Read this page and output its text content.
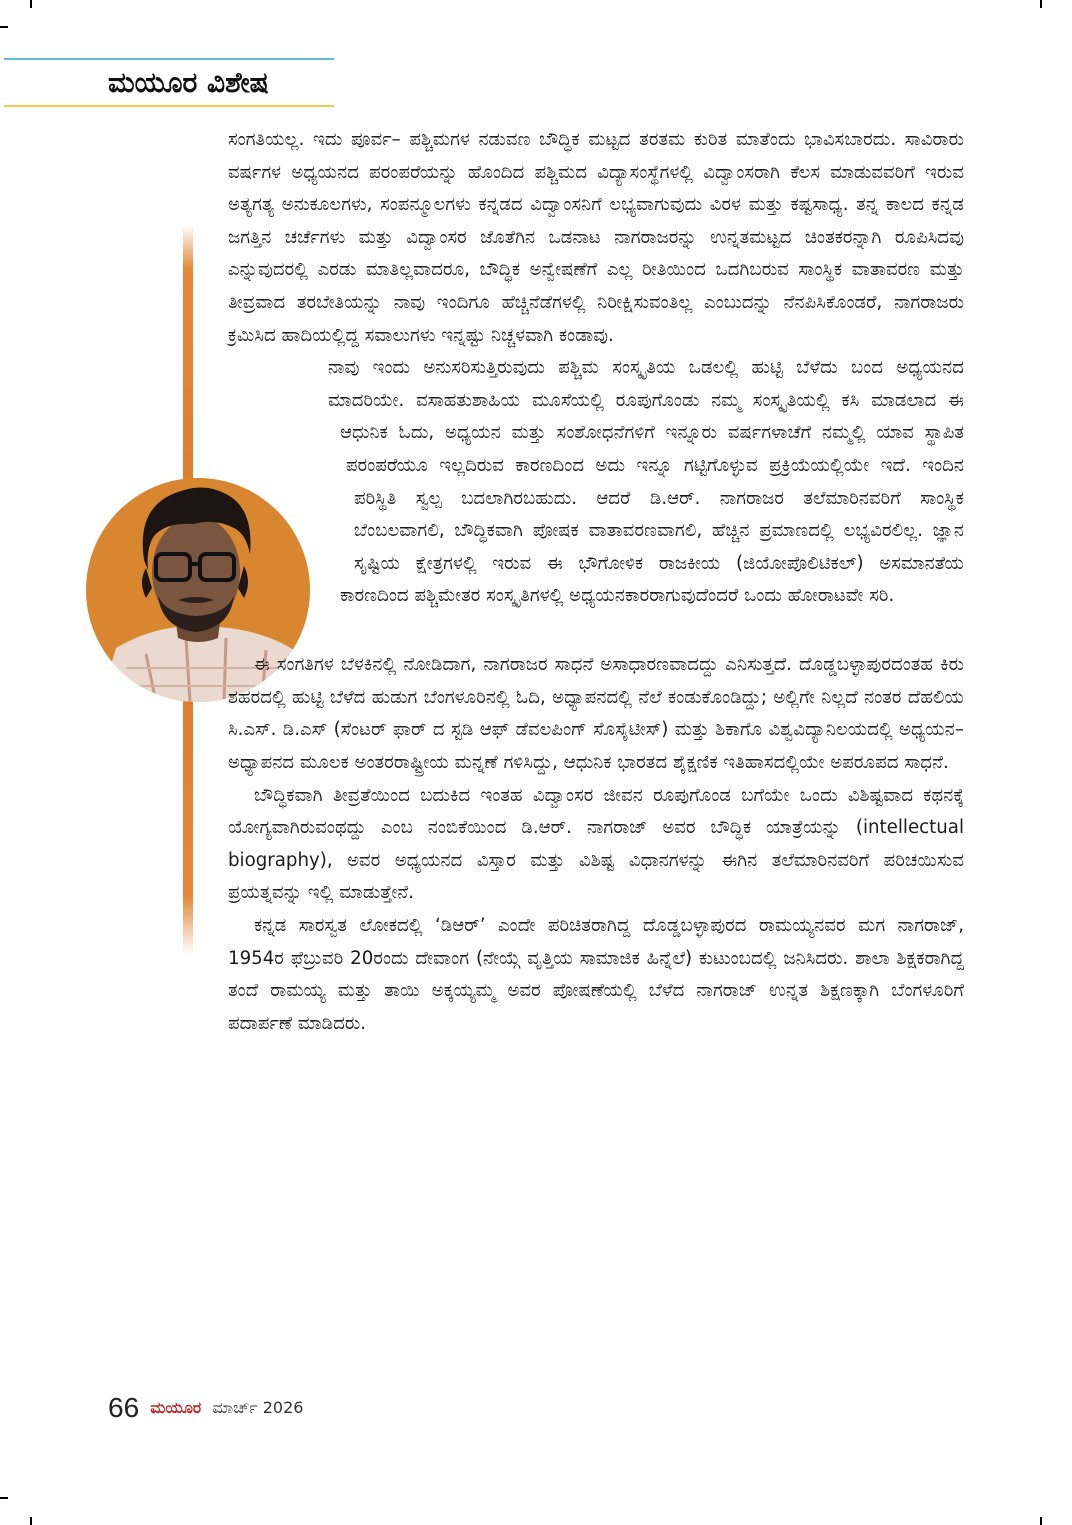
ಮಯೂರ ವಿಶೇಷ

ಸಂಗತಿಯಲ್ಲ. ಇದು ಪೂರ್ವ– ಪಶ್ಚಿಮಗಳ ನಡುವಣ ಬೌದ್ಧಿಕ ಮಟ್ಟದ ತರತಮ ಕುರಿತ ಮಾತೆಂದು ಭಾವಿಸಬಾರದು. ಸಾವಿರಾರು ವರ್ಷಗಳ ಅಧ್ಯಯನದ ಪರಂಪರೆಯನ್ನು ಹೊಂದಿದ ಪಶ್ಚಿಮದ ವಿದ್ಯಾಸಂಸ್ಥೆಗಳಲ್ಲಿ ವಿದ್ವಾಂಸರಾಗಿ ಕೆಲಸ ಮಾಡುವವರಿಗೆ ಇರುವ ಅತ್ಯಗತ್ಯ ಅನುಕೂಲಗಳು, ಸಂಪನ್ಮೂಲಗಳು ಕನ್ನಡದ ವಿದ್ವಾಂಸನಿಗೆ ಲಭ್ಯವಾಗುವುದು ವಿರಳ ಮತ್ತು ಕಷ್ಟಸಾಧ್ಯ. ತನ್ನ ಕಾಲದ ಕನ್ನಡ ಜಗತ್ತಿನ ಚರ್ಚೆಗಳು ಮತ್ತು ವಿದ್ವಾಂಸರ ಜೊತೆಗಿನ ಒಡನಾಟ ನಾಗರಾಜರನ್ನು ಉನ್ನತಮಟ್ಟದ ಚಿಂತಕರನ್ನಾಗಿ ರೂಪಿಸಿದವು ಎನ್ನುವುದರಲ್ಲಿ ಎರಡು ಮಾತಿಲ್ಲವಾದರೂ, ಬೌದ್ಧಿಕ ಅನ್ವೇಷಣೆಗೆ ಎಲ್ಲ ರೀತಿಯಿಂದ ಒದಗಿಬರುವ ಸಾಂಸ್ಥಿಕ ವಾತಾವರಣ ಮತ್ತು ತೀವ್ರವಾದ ತರಬೇತಿಯನ್ನು ನಾವು ಇಂದಿಗೂ ಹೆಚ್ಚಿನೆಡೆಗಳಲ್ಲಿ ನಿರೀಕ್ಷಿಸುವಂತಿಲ್ಲ ಎಂಬುದನ್ನು ನೆನಪಿಸಿಕೊಂಡರೆ, ನಾಗರಾಜರು ಕ್ರಮಿಸಿದ ಹಾದಿಯಲ್ಲಿದ್ದ ಸವಾಲುಗಳು ಇನ್ನಷ್ಟು ನಿಚ್ಚಳವಾಗಿ ಕಂಡಾವು.

ನಾವು ಇಂದು ಅನುಸರಿಸುತ್ತಿರುವುದು ಪಶ್ಚಿಮ ಸಂಸ್ಕೃತಿಯ ಒಡಲಲ್ಲಿ ಹುಟ್ಟಿ ಬೆಳೆದು ಬಂದ ಅಧ್ಯಯನದ ಮಾದರಿಯೇ. ವಸಾಹತುಶಾಹಿಯ ಮೂಸೆಯಲ್ಲಿ ರೂಪುಗೊಂಡು ನಮ್ಮ ಸಂಸ್ಕೃತಿಯಲ್ಲಿ ಕಸಿ ಮಾಡಲಾದ ಈ ಆಧುನಿಕ ಓದು, ಅಧ್ಯಯನ ಮತ್ತು ಸಂಶೋಧನೆಗಳಿಗೆ ಇನ್ನೂರು ವರ್ಷಗಳಾಚೆಗೆ ನಮ್ಮಲ್ಲಿ ಯಾವ ಸ್ಥಾಪಿತ ಪರಂಪರೆಯೂ ಇಲ್ಲದಿರುವ ಕಾರಣದಿಂದ ಅದು ಇನ್ನೂ ಗಟ್ಟಿಗೊಳ್ಳುವ ಪ್ರಕ್ರಿಯೆಯಲ್ಲಿಯೇ ಇದೆ. ಇಂದಿನ ಪರಿಸ್ಥಿತಿ ಸ್ವಲ್ಪ ಬದಲಾಗಿರಬಹುದು. ಆದರೆ ಡಿ.ಆರ್. ನಾಗರಾಜರ ತಲೆಮಾರಿನವರಿಗೆ ಸಾಂಸ್ಥಿಕ ಬೆಂಬಲವಾಗಲಿ, ಬೌದ್ಧಿಕವಾಗಿ ಪೋಷಕ ವಾತಾವರಣವಾಗಲಿ, ಹೆಚ್ಚಿನ ಪ್ರಮಾಣದಲ್ಲಿ ಲಭ್ಯವಿರಲಿಲ್ಲ. ಜ್ಞಾನ ಸೃಷ್ಟಿಯ ಕ್ಷೇತ್ರಗಳಲ್ಲಿ ಇರುವ ಈ ಭೌಗೋಳಿಕ ರಾಜಕೀಯ (ಜಿಯೋಪೊಲಿಟಿಕಲ್) ಅಸಮಾನತೆಯ ಕಾರಣದಿಂದ ಪಶ್ಚಿಮೇತರ ಸಂಸ್ಕೃತಿಗಳಲ್ಲಿ ಅಧ್ಯಯನಕಾರರಾಗುವುದೆಂದರೆ ಒಂದು ಹೋರಾಟವೇ ಸರಿ.

ಈ ಸಂಗತಿಗಳ ಬೆಳಕಿನಲ್ಲಿ ನೋಡಿದಾಗ, ನಾಗರಾಜರ ಸಾಧನೆ ಅಸಾಧಾರಣವಾದದ್ದು ಎನಿಸುತ್ತದೆ. ದೊಡ್ಡಬಳ್ಳಾಪುರದಂತಹ ಕಿರು ಶಹರದಲ್ಲಿ ಹುಟ್ಟಿ ಬೆಳೆದ ಹುಡುಗ ಬೆಂಗಳೂರಿನಲ್ಲಿ ಓದಿ, ಅಧ್ಯಾಪನದಲ್ಲಿ ನೆಲೆ ಕಂಡುಕೊಂಡಿದ್ದು; ಅಲ್ಲಿಗೇ ನಿಲ್ಲದೆ ನಂತರ ದೆಹಲಿಯ ಸಿ.ಎಸ್. ಡಿ.ಎಸ್ (ಸೆಂಟರ್ ಫಾರ್ ದ ಸ್ಟಡಿ ಆಫ್ ಡೆವಲಪಿಂಗ್ ಸೊಸೈಟೀಸ್) ಮತ್ತು ಶಿಕಾಗೊ ವಿಶ್ವವಿದ್ಯಾನಿಲಯದಲ್ಲಿ ಅಧ್ಯಯನ– ಅಧ್ಯಾಪನದ ಮೂಲಕ ಅಂತರರಾಷ್ಟ್ರೀಯ ಮನ್ನಣೆ ಗಳಿಸಿದ್ದು, ಆಧುನಿಕ ಭಾರತದ ಶೈಕ್ಷಣಿಕ ಇತಿಹಾಸದಲ್ಲಿಯೇ ಅಪರೂಪದ ಸಾಧನೆ.

ಬೌದ್ಧಿಕವಾಗಿ ತೀವ್ರತೆಯಿಂದ ಬದುಕಿದ ಇಂತಹ ವಿದ್ವಾಂಸರ ಜೀವನ ರೂಪುಗೊಂಡ ಬಗೆಯೇ ಒಂದು ವಿಶಿಷ್ಟವಾದ ಕಥನಕ್ಕೆ ಯೋಗ್ಯವಾಗಿರುವಂಥದ್ದು ಎಂಬ ನಂಬಿಕೆಯಿಂದ ಡಿ.ಆರ್. ನಾಗರಾಜ್ ಅವರ ಬೌದ್ಧಿಕ ಯಾತ್ರೆಯನ್ನು (intellectual biography), ಅವರ ಅಧ್ಯಯನದ ವಿಸ್ತಾರ ಮತ್ತು ವಿಶಿಷ್ಟ ವಿಧಾನಗಳನ್ನು ಈಗಿನ ತಲೆಮಾರಿನವರಿಗೆ ಪರಿಚಯಿಸುವ ಪ್ರಯತ್ನವನ್ನು ಇಲ್ಲಿ ಮಾಡುತ್ತೇನೆ.

ಕನ್ನಡ ಸಾರಸ್ವತ ಲೋಕದಲ್ಲಿ ‘ಡಿಆರ್’ ಎಂದೇ ಪರಿಚಿತರಾಗಿದ್ದ ದೊಡ್ಡಬಳ್ಳಾಪುರದ ರಾಮಯ್ಯನವರ ಮಗ ನಾಗರಾಜ್, 1954ರ ಫೆಬ್ರುವರಿ 20ರಂದು ದೇವಾಂಗ (ನೇಯ್ಗೆ ವೃತ್ತಿಯ ಸಾಮಾಜಿಕ ಹಿನ್ನೆಲೆ) ಕುಟುಂಬದಲ್ಲಿ ಜನಿಸಿದರು. ಶಾಲಾ ಶಿಕ್ಷಕರಾಗಿದ್ದ ತಂದೆ ರಾಮಯ್ಯ ಮತ್ತು ತಾಯಿ ಅಕ್ಕಯ್ಯಮ್ಮ ಅವರ ಪೋಷಣೆಯಲ್ಲಿ ಬೆಳೆದ ನಾಗರಾಜ್ ಉನ್ನತ ಶಿಕ್ಷಣಕ್ಕಾಗಿ ಬೆಂಗಳೂರಿಗೆ ಪದಾರ್ಪಣೆ ಮಾಡಿದರು.

66 ಮಯೂರ ಮಾರ್ಚ್ 2026
